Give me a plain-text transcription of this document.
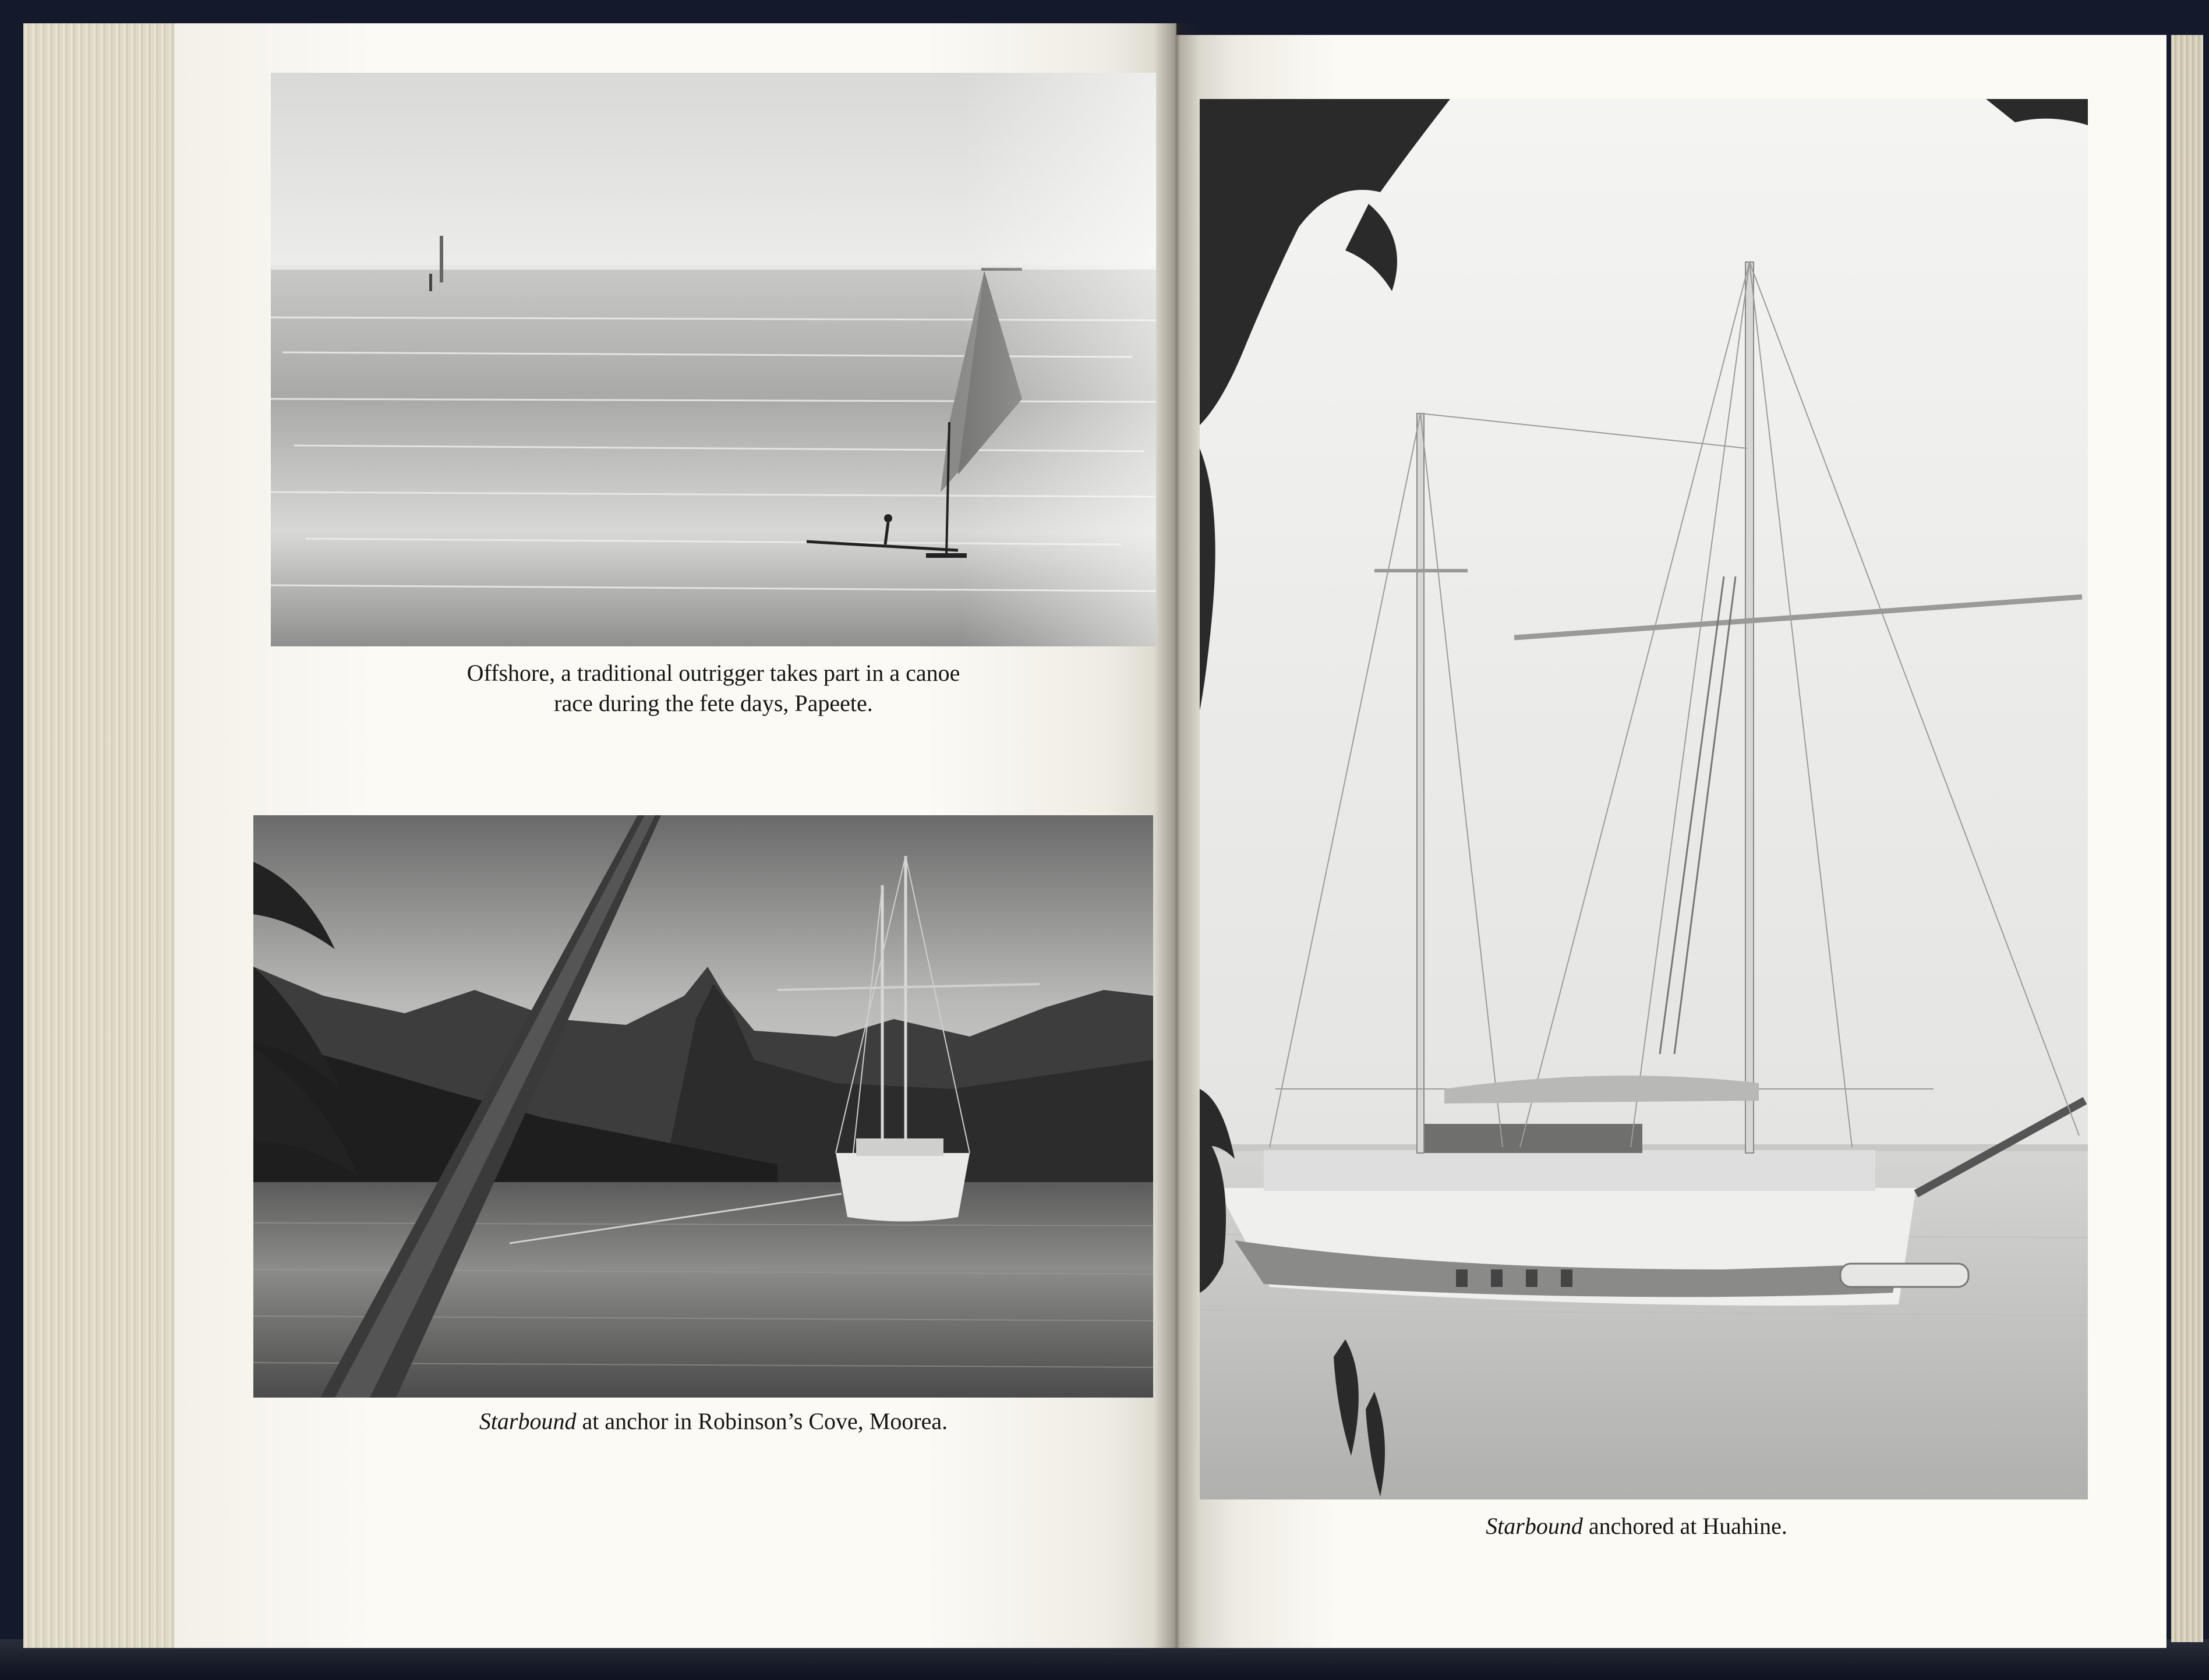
Offshore, a traditional outrigger takes part in a canoe
race during the fete days, Papeete.
Starbound at anchor in Robinson’s Cove, Moorea.
Starbound anchored at Huahine.
